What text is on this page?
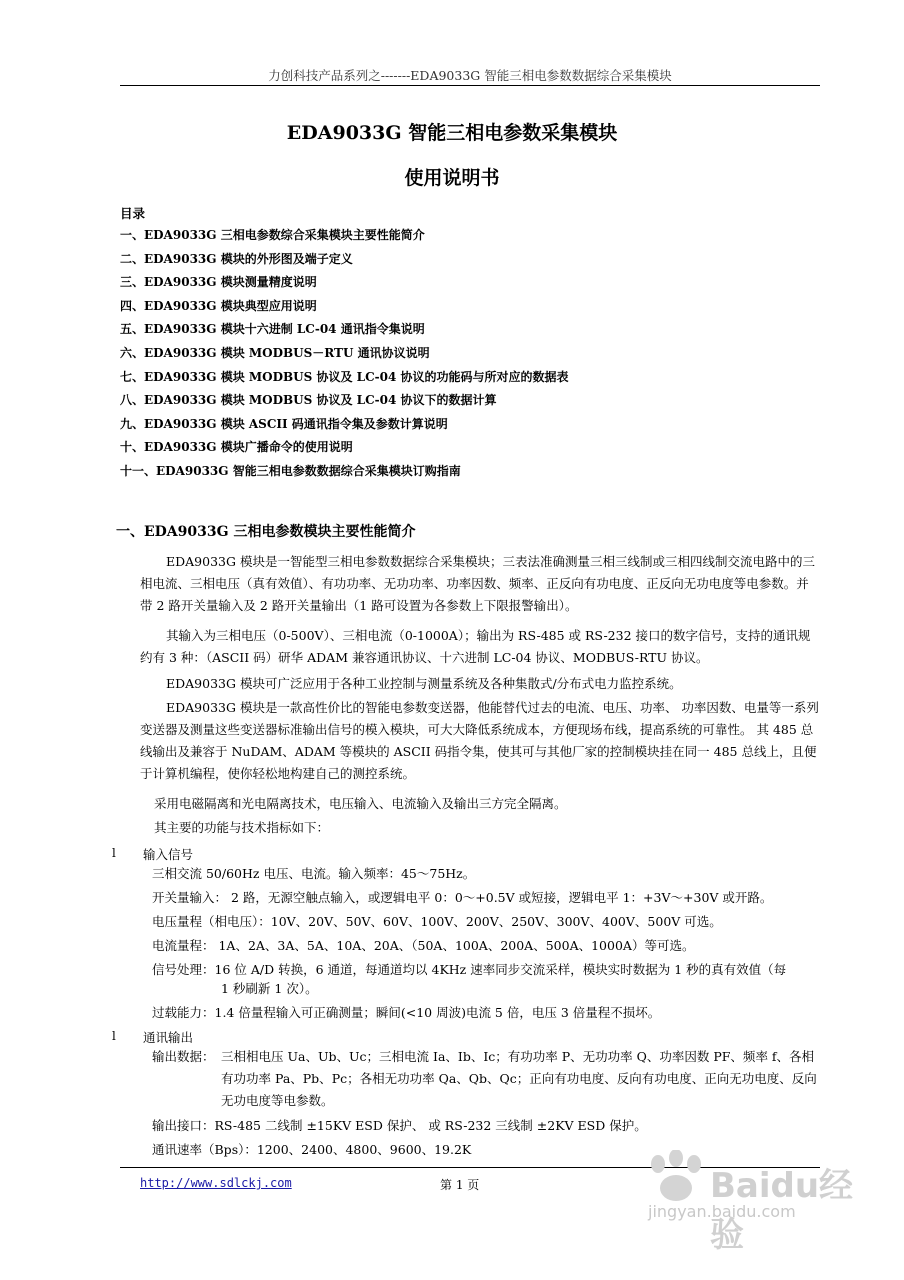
力创科技产品系列之-------EDA9033G 智能三相电参数数据综合采集模块
EDA9033G 智能三相电参数采集模块
使用说明书
目录
一、EDA9033G 三相电参数综合采集模块主要性能简介
二、EDA9033G 模块的外形图及端子定义
三、EDA9033G 模块测量精度说明
四、EDA9033G 模块典型应用说明
五、EDA9033G 模块十六进制 LC-04 通讯指令集说明
六、EDA9033G 模块 MODBUS－RTU 通讯协议说明
七、EDA9033G 模块 MODBUS 协议及 LC-04 协议的功能码与所对应的数据表
八、EDA9033G 模块 MODBUS 协议及 LC-04 协议下的数据计算
九、EDA9033G 模块 ASCII 码通讯指令集及参数计算说明
十、EDA9033G 模块广播命令的使用说明
十一、EDA9033G 智能三相电参数数据综合采集模块订购指南
一、EDA9033G 三相电参数模块主要性能简介
EDA9033G 模块是一智能型三相电参数数据综合采集模块；三表法准确测量三相三线制或三相四线制交流电路中的三相电流、三相电压（真有效值）、有功功率、无功功率、功率因数、频率、正反向有功电度、正反向无功电度等电参数。并带 2 路开关量输入及 2 路开关量输出（1 路可设置为各参数上下限报警输出）。
其输入为三相电压（0-500V）、三相电流（0-1000A）；输出为 RS-485 或 RS-232 接口的数字信号，支持的通讯规约有 3 种：（ASCII 码）研华 ADAM 兼容通讯协议、十六进制 LC-04 协议、MODBUS-RTU 协议。
EDA9033G 模块可广泛应用于各种工业控制与测量系统及各种集散式/分布式电力监控系统。
EDA9033G 模块是一款高性价比的智能电参数变送器，他能替代过去的电流、电压、功率、 功率因数、电量等一系列变送器及测量这些变送器标准输出信号的模入模块，可大大降低系统成本，方便现场布线，提高系统的可靠性。 其 485 总线输出及兼容于 NuDAM、ADAM 等模块的 ASCII 码指令集，使其可与其他厂家的控制模块挂在同一 485 总线上，且便于计算机编程，使你轻松地构建自己的测控系统。
采用电磁隔离和光电隔离技术，电压输入、电流输入及输出三方完全隔离。
其主要的功能与技术指标如下：
l 输入信号
三相交流 50/60Hz 电压、电流。输入频率：45～75Hz。
开关量输入： 2 路，无源空触点输入，或逻辑电平 0：0～+0.5V 或短接，逻辑电平 1：+3V～+30V 或开路。
电压量程（相电压）：10V、20V、50V、60V、100V、200V、250V、300V、400V、500V 可选。
电流量程： 1A、2A、3A、5A、10A、20A、（50A、100A、200A、500A、1000A）等可选。
信号处理：16 位 A/D 转换，6 通道，每通道均以 4KHz 速率同步交流采样，模块实时数据为 1 秒的真有效值（每
1 秒刷新 1 次）。
过载能力：1.4 倍量程输入可正确测量；瞬间(<10 周波)电流 5 倍，电压 3 倍量程不损坏。
l 通讯输出
输出数据： 三相相电压 Ua、Ub、Uc；三相电流 Ia、Ib、Ic；有功功率 P、无功功率 Q、功率因数 PF、频率 f、各相有功功率 Pa、Pb、Pc；各相无功功率 Qa、Qb、Qc；正向有功电度、反向有功电度、正向无功电度、反向无功电度等电参数。
输出接口：RS-485 二线制 ±15KV ESD 保护、 或 RS-232 三线制 ±2KV ESD 保护。
通讯速率（Bps）：1200、2400、4800、9600、19.2K
http://www.sdlckj.com	第 1 页	Baidu经验
jingyan.baidu.com
